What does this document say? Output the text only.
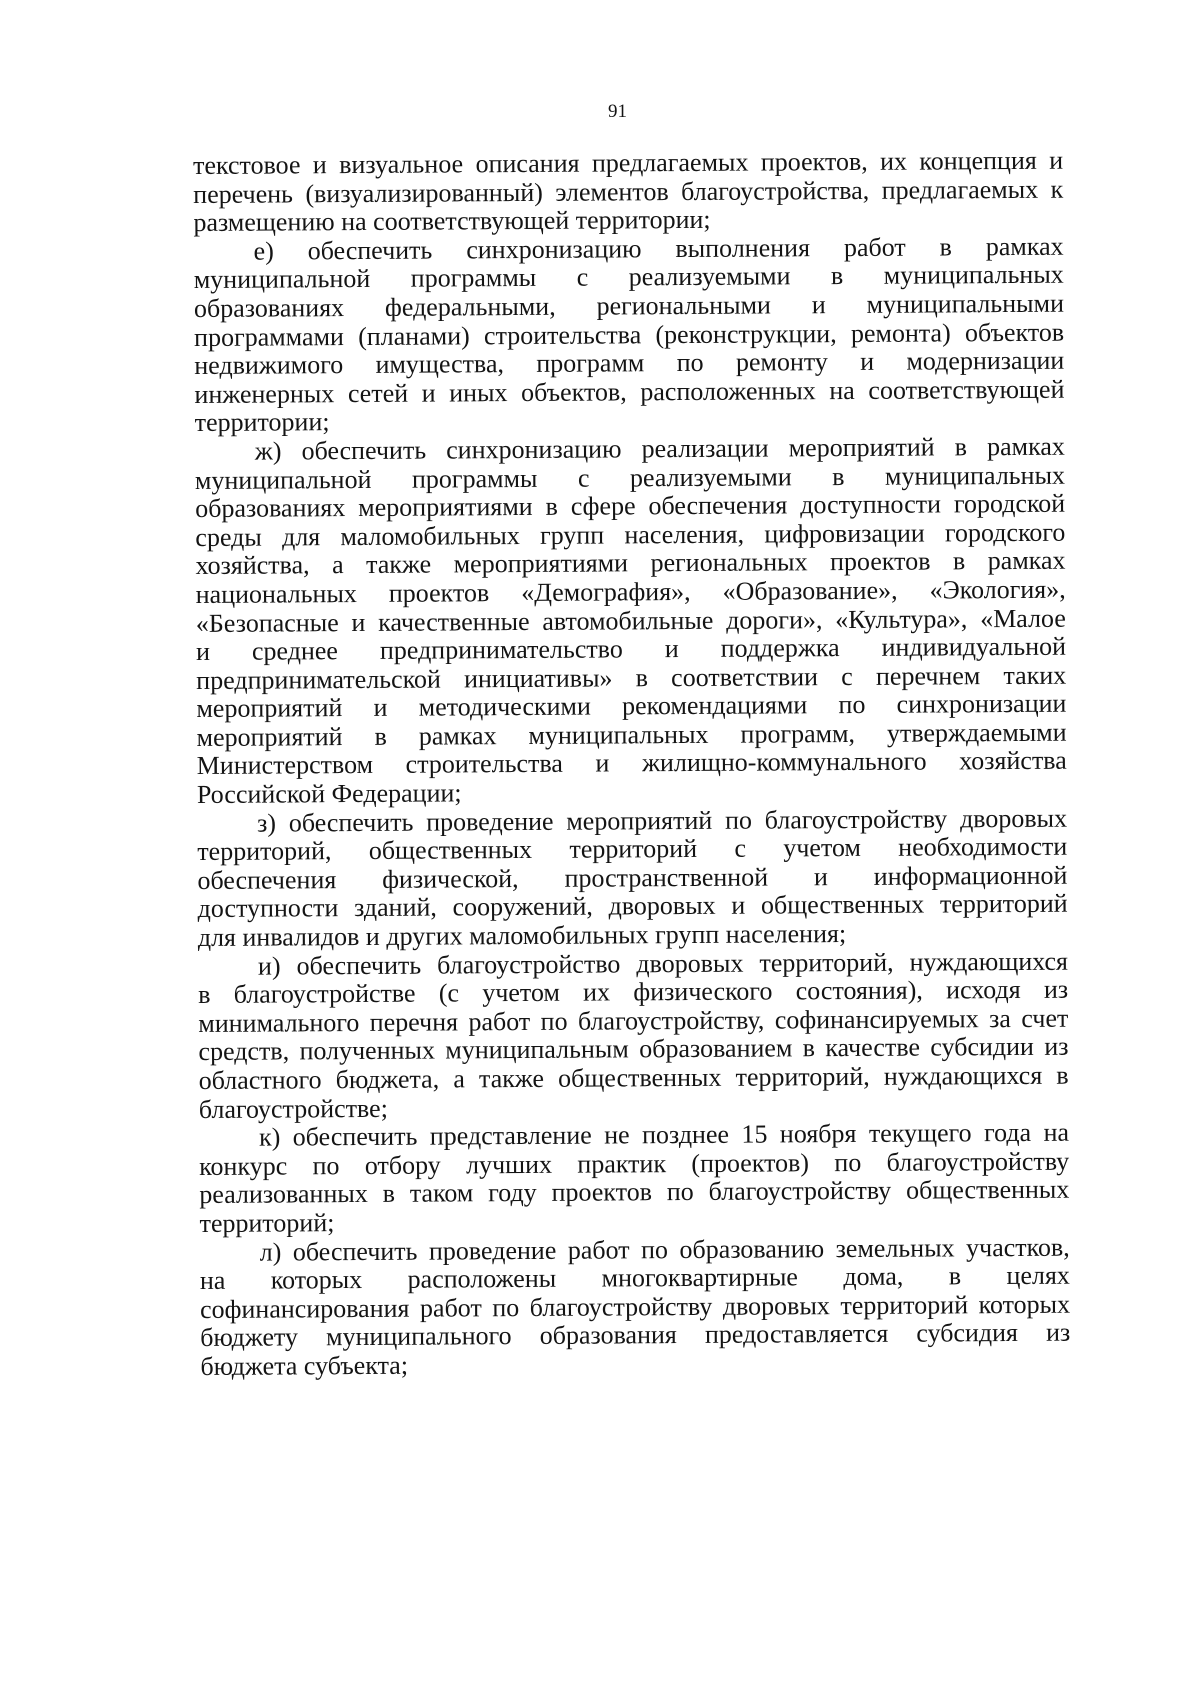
91
текстовое и визуальное описания предлагаемых проектов, их концепция и
перечень (визуализированный) элементов благоустройства, предлагаемых к
размещению на соответствующей территории;
е) обеспечить синхронизацию выполнения работ в рамках
муниципальной программы с реализуемыми в муниципальных
образованиях федеральными, региональными и муниципальными
программами (планами) строительства (реконструкции, ремонта) объектов
недвижимого имущества, программ по ремонту и модернизации
инженерных сетей и иных объектов, расположенных на соответствующей
территории;
ж) обеспечить синхронизацию реализации мероприятий в рамках
муниципальной программы с реализуемыми в муниципальных
образованиях мероприятиями в сфере обеспечения доступности городской
среды для маломобильных групп населения, цифровизации городского
хозяйства, а также мероприятиями региональных проектов в рамках
национальных проектов «Демография», «Образование», «Экология»,
«Безопасные и качественные автомобильные дороги», «Культура», «Малое
и среднее предпринимательство и поддержка индивидуальной
предпринимательской инициативы» в соответствии с перечнем таких
мероприятий и методическими рекомендациями по синхронизации
мероприятий в рамках муниципальных программ, утверждаемыми
Министерством строительства и жилищно-коммунального хозяйства
Российской Федерации;
з) обеспечить проведение мероприятий по благоустройству дворовых
территорий, общественных территорий с учетом необходимости
обеспечения физической, пространственной и информационной
доступности зданий, сооружений, дворовых и общественных территорий
для инвалидов и других маломобильных групп населения;
и) обеспечить благоустройство дворовых территорий, нуждающихся
в благоустройстве (с учетом их физического состояния), исходя из
минимального перечня работ по благоустройству, софинансируемых за счет
средств, полученных муниципальным образованием в качестве субсидии из
областного бюджета, а также общественных территорий, нуждающихся в
благоустройстве;
к) обеспечить представление не позднее 15 ноября текущего года на
конкурс по отбору лучших практик (проектов) по благоустройству
реализованных в таком году проектов по благоустройству общественных
территорий;
л) обеспечить проведение работ по образованию земельных участков,
на которых расположены многоквартирные дома, в целях
софинансирования работ по благоустройству дворовых территорий которых
бюджету муниципального образования предоставляется субсидия из
бюджета субъекта;
